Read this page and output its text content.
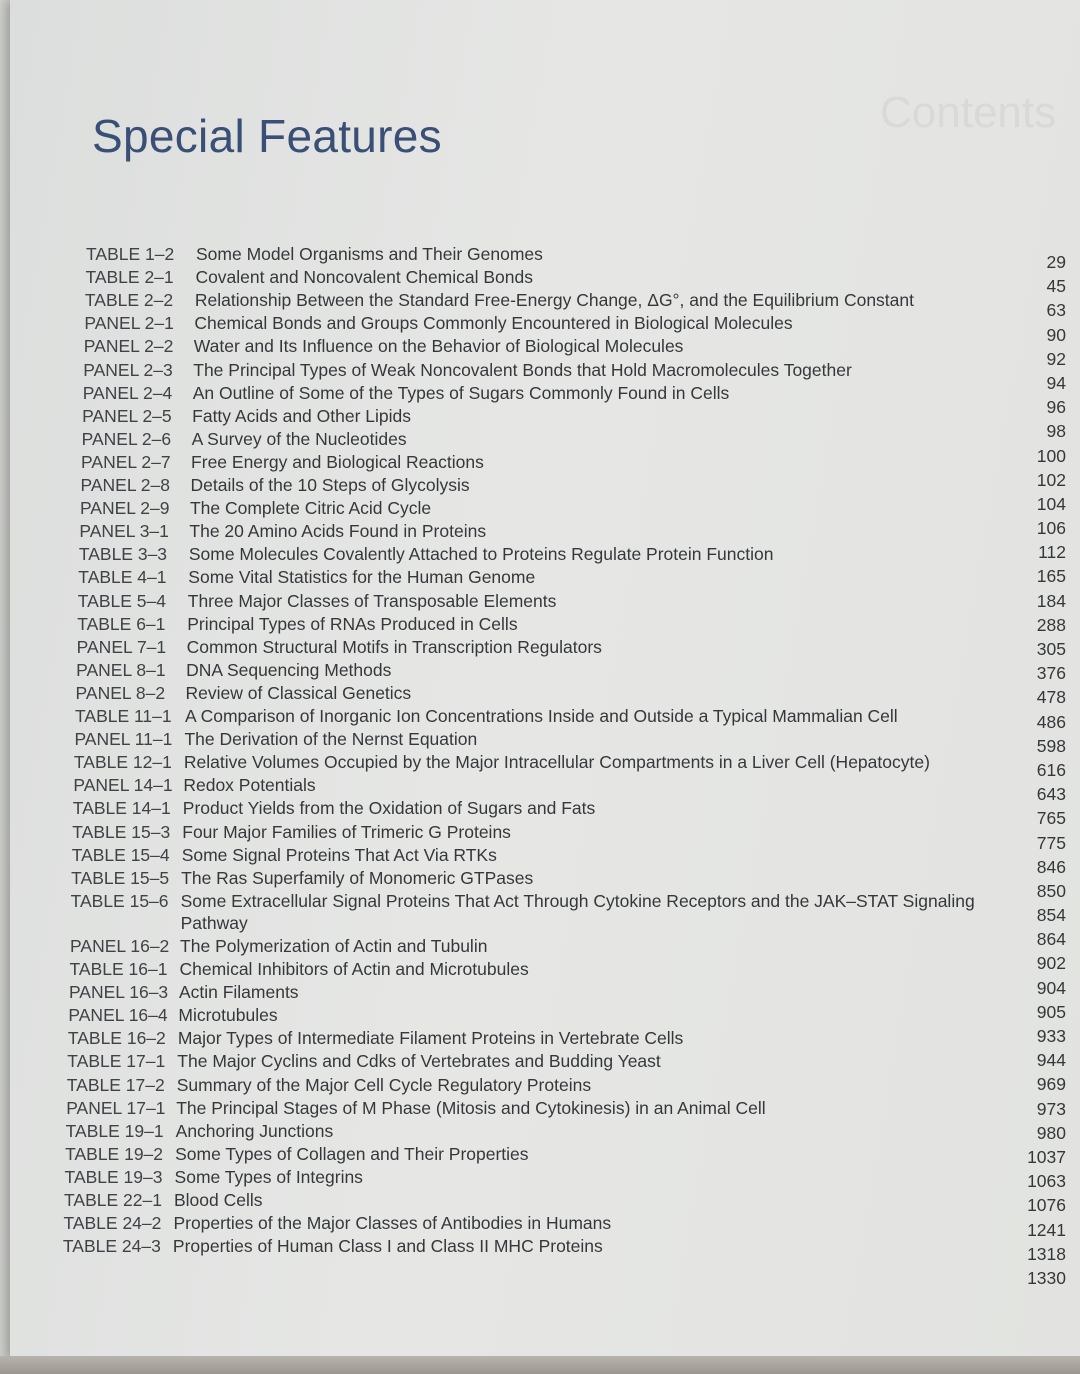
Contents
Special Features
TABLE 1–2 Some Model Organisms and Their Genomes
TABLE 2–1 Covalent and Noncovalent Chemical Bonds
TABLE 2–2 Relationship Between the Standard Free-Energy Change, ΔG°, and the Equilibrium Constant
PANEL 2–1 Chemical Bonds and Groups Commonly Encountered in Biological Molecules
PANEL 2–2 Water and Its Influence on the Behavior of Biological Molecules
PANEL 2–3 The Principal Types of Weak Noncovalent Bonds that Hold Macromolecules Together
PANEL 2–4 An Outline of Some of the Types of Sugars Commonly Found in Cells
PANEL 2–5 Fatty Acids and Other Lipids
PANEL 2–6 A Survey of the Nucleotides
PANEL 2–7 Free Energy and Biological Reactions
PANEL 2–8 Details of the 10 Steps of Glycolysis
PANEL 2–9 The Complete Citric Acid Cycle
PANEL 3–1 The 20 Amino Acids Found in Proteins
TABLE 3–3 Some Molecules Covalently Attached to Proteins Regulate Protein Function
TABLE 4–1 Some Vital Statistics for the Human Genome
TABLE 5–4 Three Major Classes of Transposable Elements
TABLE 6–1 Principal Types of RNAs Produced in Cells
PANEL 7–1 Common Structural Motifs in Transcription Regulators
PANEL 8–1 DNA Sequencing Methods
PANEL 8–2 Review of Classical Genetics
TABLE 11–1 A Comparison of Inorganic Ion Concentrations Inside and Outside a Typical Mammalian Cell
PANEL 11–1 The Derivation of the Nernst Equation
TABLE 12–1 Relative Volumes Occupied by the Major Intracellular Compartments in a Liver Cell (Hepatocyte)
PANEL 14–1 Redox Potentials
TABLE 14–1 Product Yields from the Oxidation of Sugars and Fats
TABLE 15–3 Four Major Families of Trimeric G Proteins
TABLE 15–4 Some Signal Proteins That Act Via RTKs
TABLE 15–5 The Ras Superfamily of Monomeric GTPases
TABLE 15–6 Some Extracellular Signal Proteins That Act Through Cytokine Receptors and the JAK–STAT Signaling
Pathway
PANEL 16–2 The Polymerization of Actin and Tubulin
TABLE 16–1 Chemical Inhibitors of Actin and Microtubules
PANEL 16–3 Actin Filaments
PANEL 16–4 Microtubules
TABLE 16–2 Major Types of Intermediate Filament Proteins in Vertebrate Cells
TABLE 17–1 The Major Cyclins and Cdks of Vertebrates and Budding Yeast
TABLE 17–2 Summary of the Major Cell Cycle Regulatory Proteins
PANEL 17–1 The Principal Stages of M Phase (Mitosis and Cytokinesis) in an Animal Cell
TABLE 19–1 Anchoring Junctions
TABLE 19–2 Some Types of Collagen and Their Properties
TABLE 19–3 Some Types of Integrins
TABLE 22–1 Blood Cells
TABLE 24–2 Properties of the Major Classes of Antibodies in Humans
TABLE 24–3 Properties of Human Class I and Class II MHC Proteins
29
45
63
90
92
94
96
98
100
102
104
106
112
165
184
288
305
376
478
486
598
616
643
765
775
846
850
854
864
902
904
905
933
944
969
973
980
1037
1063
1076
1241
1318
1330
